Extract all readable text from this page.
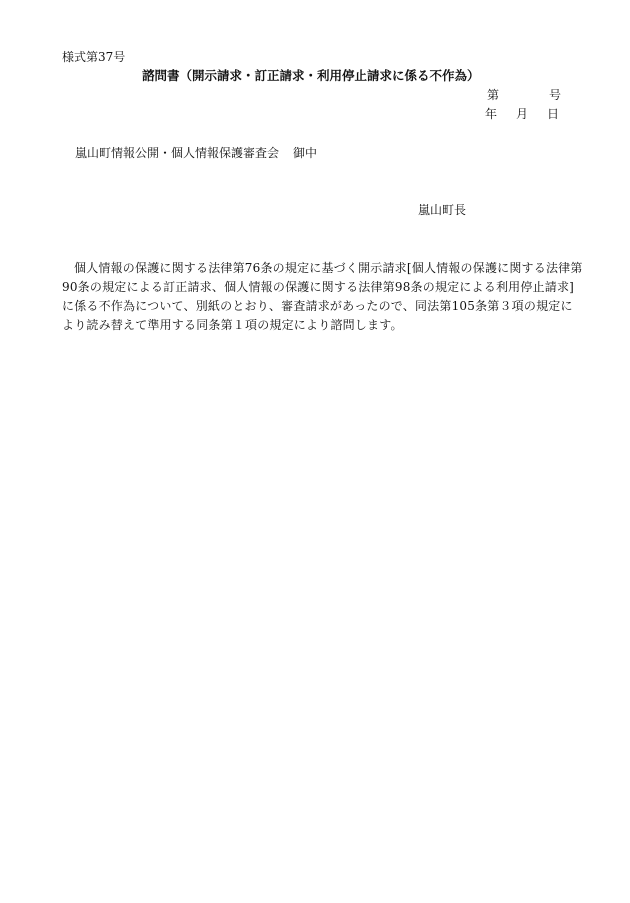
様式第37号
諮問書（開示請求・訂正請求・利用停止請求に係る不作為）
第	号
年 月 日
嵐山町情報公開・個人情報保護審査会 御中
嵐山町長

個人情報の保護に関する法律第76条の規定に基づく開示請求[個人情報の保護に関する法律第90条の規定による訂正請求、個人情報の保護に関する法律第98条の規定による利用停止請求] に係る不作為について、別紙のとおり、審査請求があったので、同法第105条第３項の規定により読み替えて準用する同条第１項の規定により諮問します。
